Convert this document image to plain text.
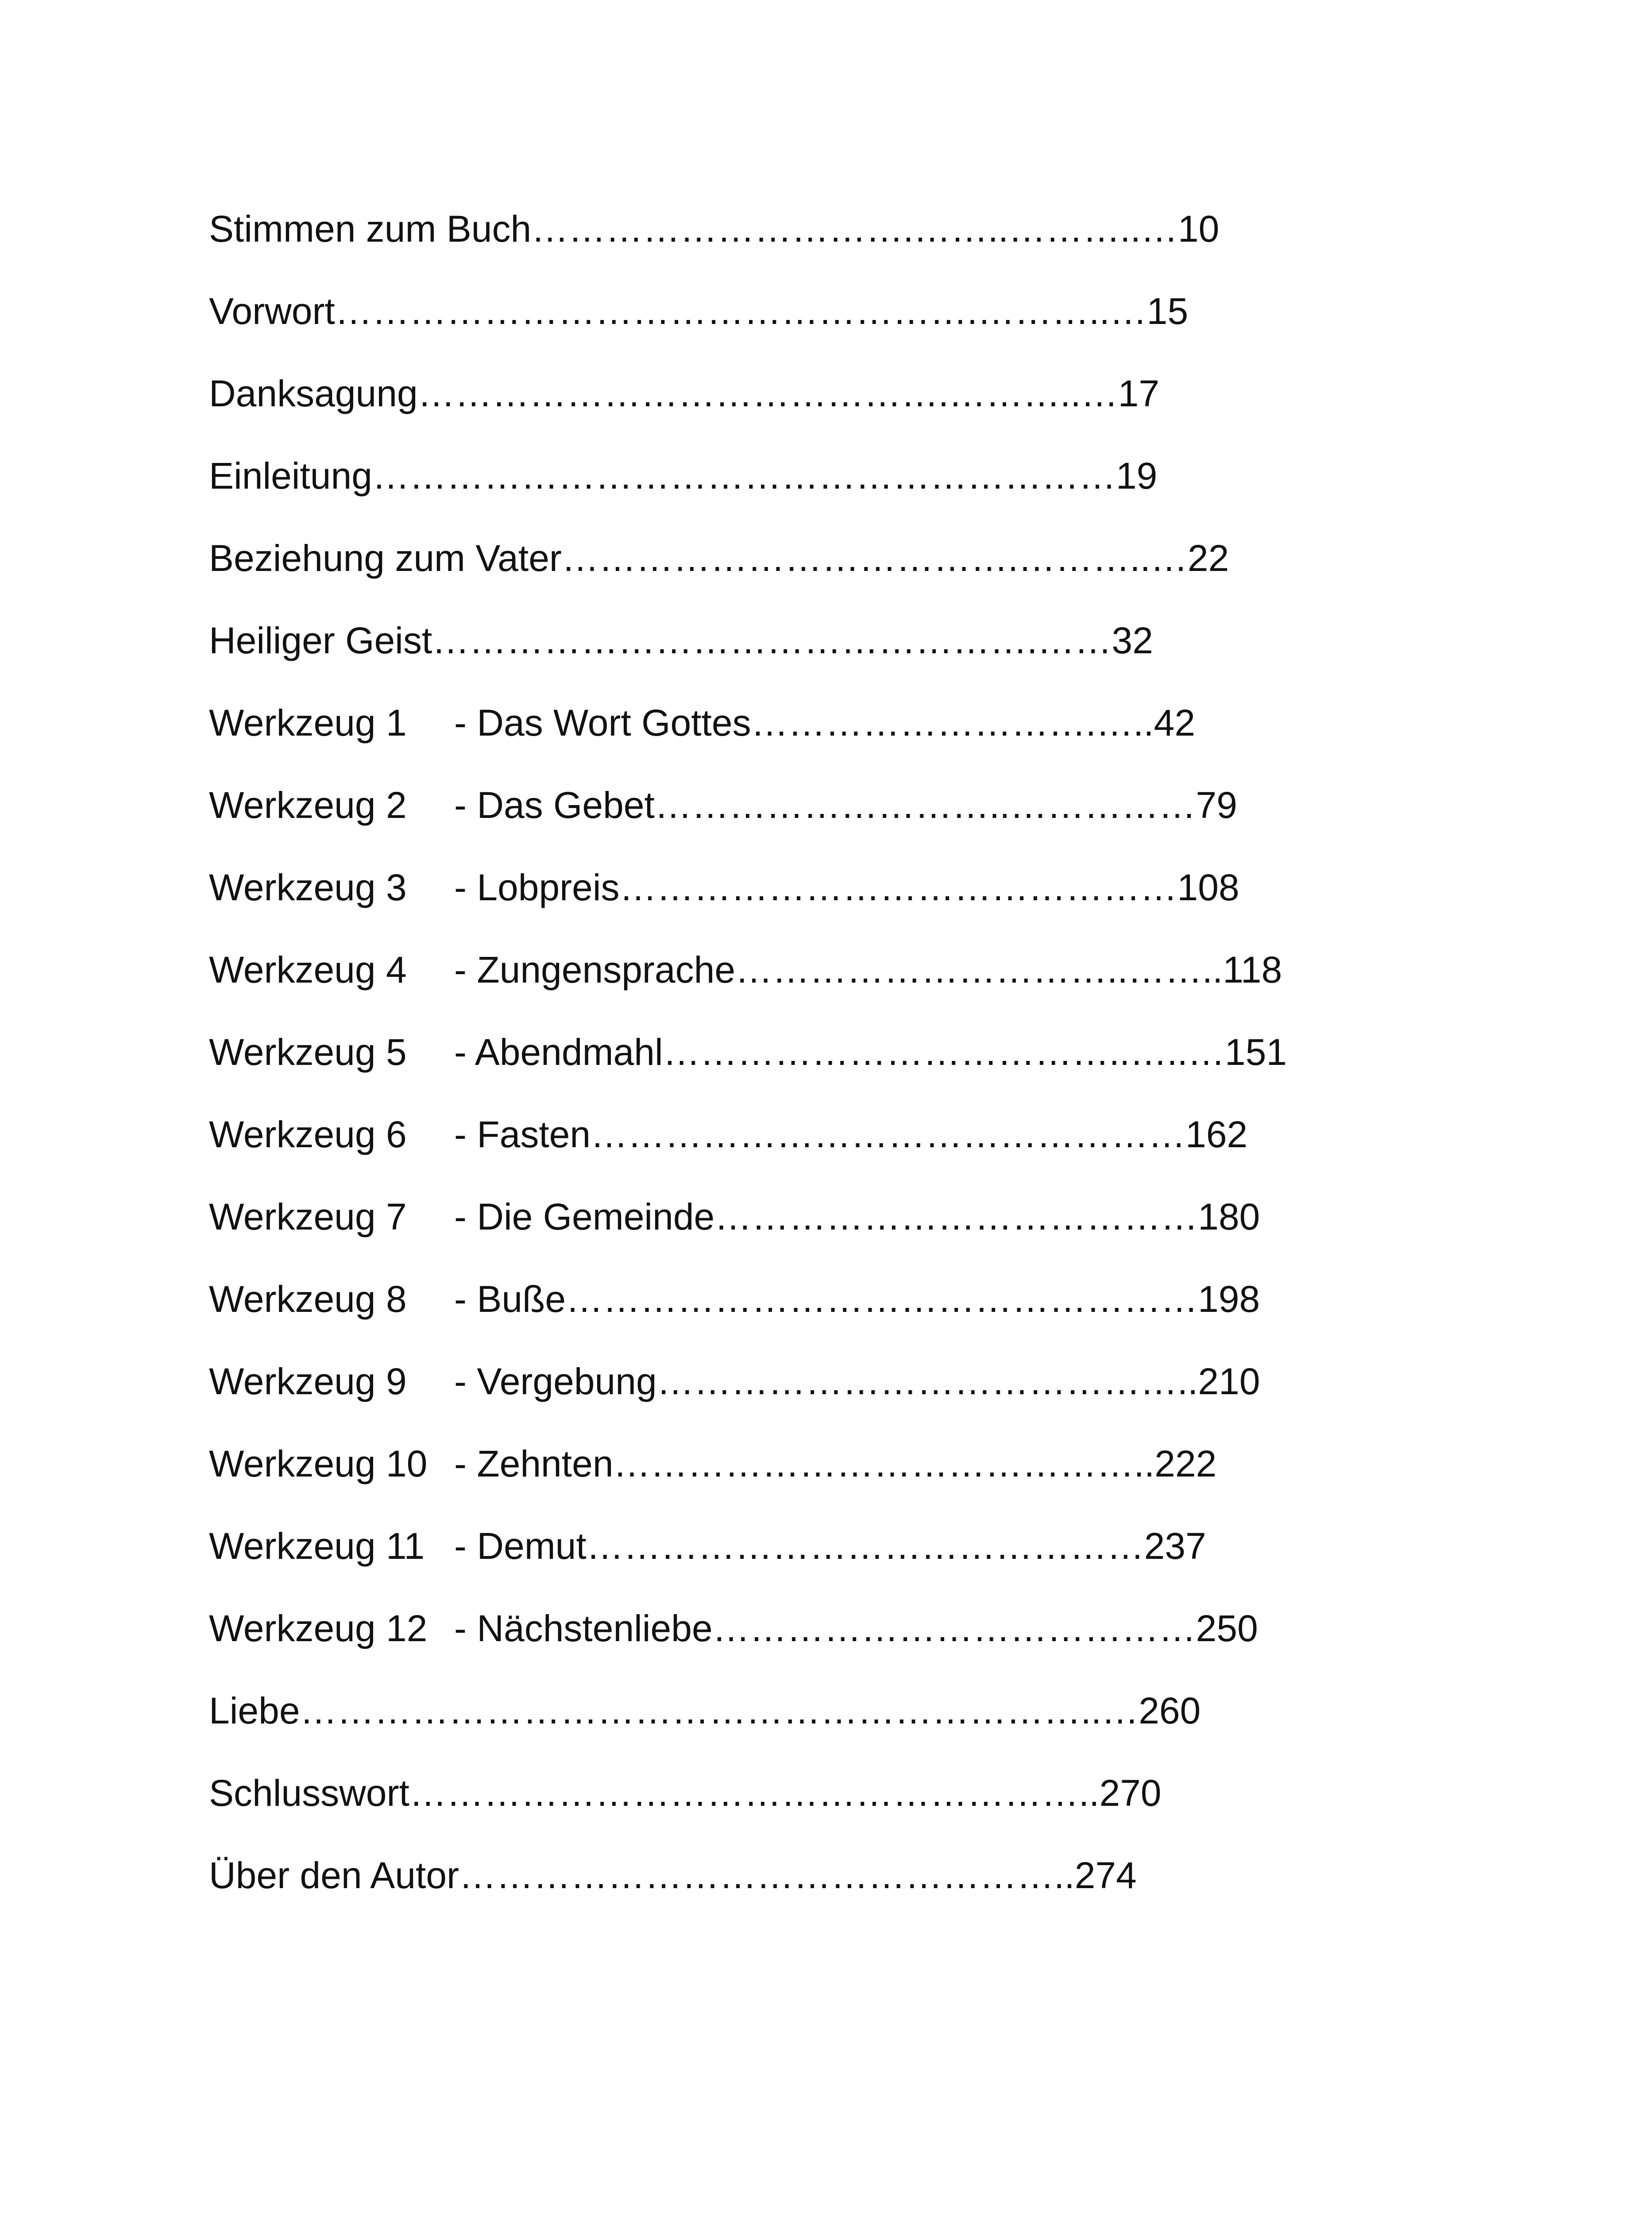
Stimmen zum Buch………………………….……..………..…10
Vorwort…………………………………………….………..…15
Danksagung…………………………………….………..…17
Einleitung……………………………………………………19
Beziehung zum Vater……………………………….………..…22
Heiliger Geist………………………………………….……32
Werkzeug 1 - Das Wort Gottes……………………….…..42
Werkzeug 2 - Das Gebet………………………..……………79
Werkzeug 3 - Lobpreis………………………………………108
Werkzeug 4 - Zungensprache…………………………..……..118
Werkzeug 5 - Abendmahl………………………………..…..…151
Werkzeug 6 - Fasten…………………………………………162
Werkzeug 7 - Die Gemeinde…………………………………180
Werkzeug 8 - Buße……………………………………………198
Werkzeug 9 - Vergebung……………………………………..210
Werkzeug 10 - Zehnten……………………………………..222
Werkzeug 11 - Demut………………………………………237
Werkzeug 12 - Nächstenliebe…………………………………250
Liebe………………………………………………………..…260
Schlusswort………………………………………………..270
Über den Autor…………………………………………..274
